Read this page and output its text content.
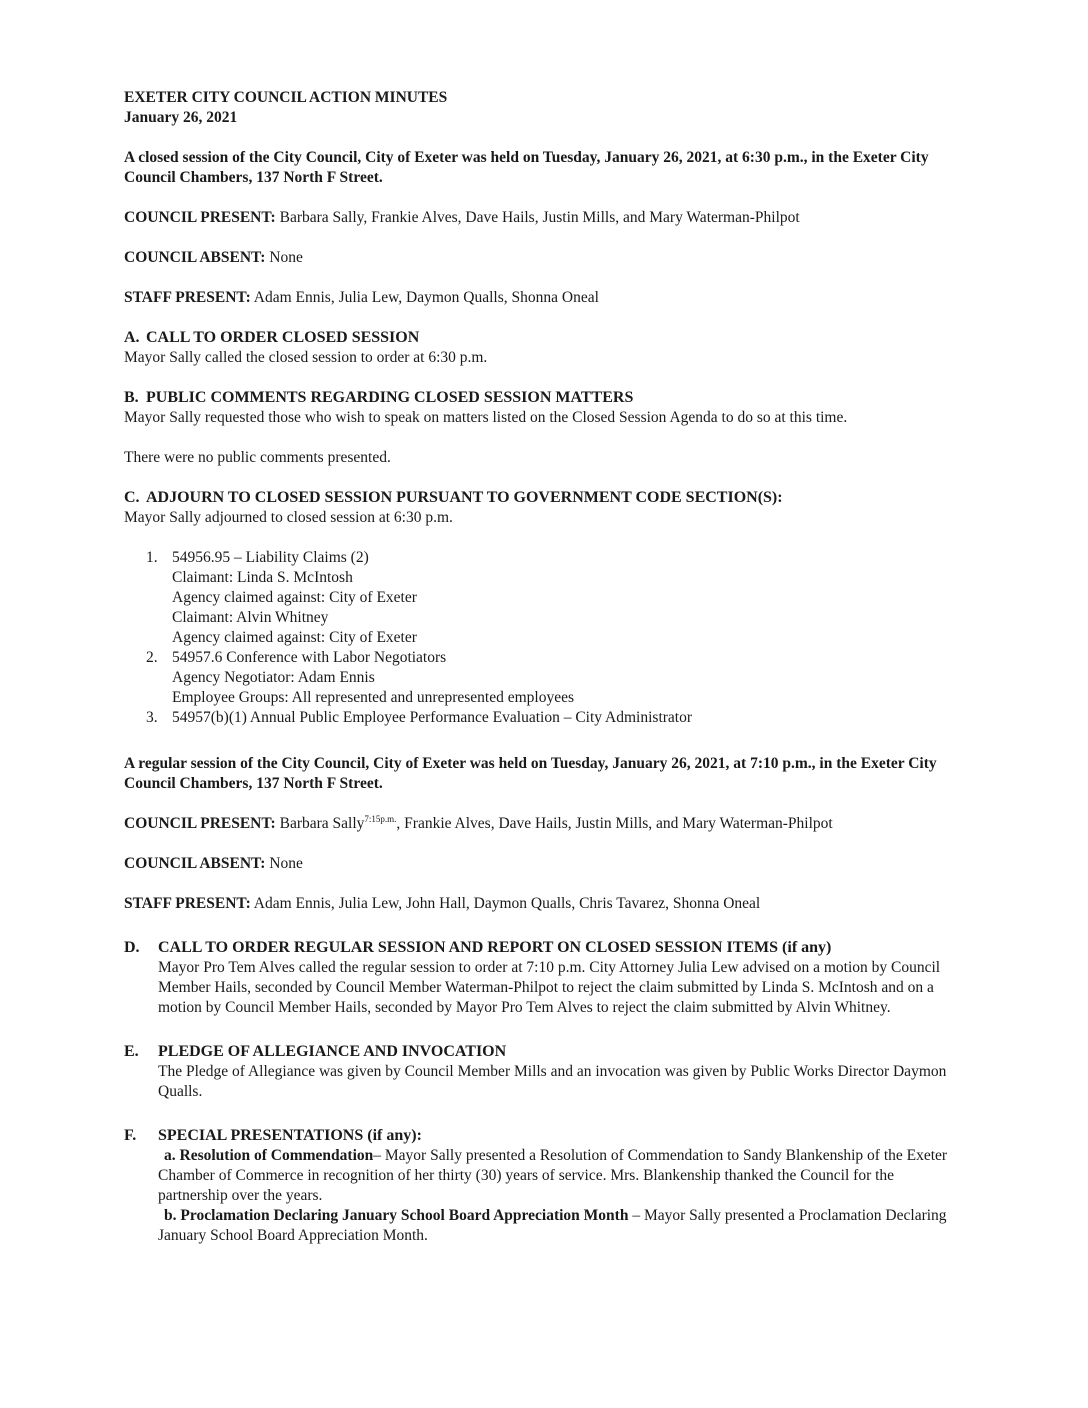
EXETER CITY COUNCIL ACTION MINUTES

January 26, 2021

A closed session of the City Council, City of Exeter was held on Tuesday, January 26, 2021, at 6:30 p.m., in the Exeter City Council Chambers, 137 North F Street.

COUNCIL PRESENT: Barbara Sally, Frankie Alves, Dave Hails, Justin Mills, and Mary Waterman-Philpot

COUNCIL ABSENT: None

STAFF PRESENT: Adam Ennis, Julia Lew, Daymon Qualls, Shonna Oneal

A. CALL TO ORDER CLOSED SESSION

Mayor Sally called the closed session to order at 6:30 p.m.

B. PUBLIC COMMENTS REGARDING CLOSED SESSION MATTERS

Mayor Sally requested those who wish to speak on matters listed on the Closed Session Agenda to do so at this time.

There were no public comments presented.

C. ADJOURN TO CLOSED SESSION PURSUANT TO GOVERNMENT CODE SECTION(S):

Mayor Sally adjourned to closed session at 6:30 p.m.

1. 54956.95 – Liability Claims (2)
Claimant: Linda S. McIntosh
Agency claimed against: City of Exeter
Claimant: Alvin Whitney
Agency claimed against: City of Exeter
2. 54957.6 Conference with Labor Negotiators
Agency Negotiator: Adam Ennis
Employee Groups: All represented and unrepresented employees
3. 54957(b)(1) Annual Public Employee Performance Evaluation – City Administrator

A regular session of the City Council, City of Exeter was held on Tuesday, January 26, 2021, at 7:10 p.m., in the Exeter City Council Chambers, 137 North F Street.

COUNCIL PRESENT: Barbara Sally$^{7:15p.m.}$, Frankie Alves, Dave Hails, Justin Mills, and Mary Waterman-Philpot

COUNCIL ABSENT: None

STAFF PRESENT: Adam Ennis, Julia Lew, John Hall, Daymon Qualls, Chris Tavarez, Shonna Oneal

D. CALL TO ORDER REGULAR SESSION AND REPORT ON CLOSED SESSION ITEMS (if any)

Mayor Pro Tem Alves called the regular session to order at 7:10 p.m. City Attorney Julia Lew advised on a motion by Council Member Hails, seconded by Council Member Waterman-Philpot to reject the claim submitted by Linda S. McIntosh and on a motion by Council Member Hails, seconded by Mayor Pro Tem Alves to reject the claim submitted by Alvin Whitney.

E. PLEDGE OF ALLEGIANCE AND INVOCATION

The Pledge of Allegiance was given by Council Member Mills and an invocation was given by Public Works Director Daymon Qualls.

F. SPECIAL PRESENTATIONS (if any):

a. Resolution of Commendation– Mayor Sally presented a Resolution of Commendation to Sandy Blankenship of the Exeter Chamber of Commerce in recognition of her thirty (30) years of service. Mrs. Blankenship thanked the Council for the partnership over the years.

b. Proclamation Declaring January School Board Appreciation Month – Mayor Sally presented a Proclamation Declaring January School Board Appreciation Month.
